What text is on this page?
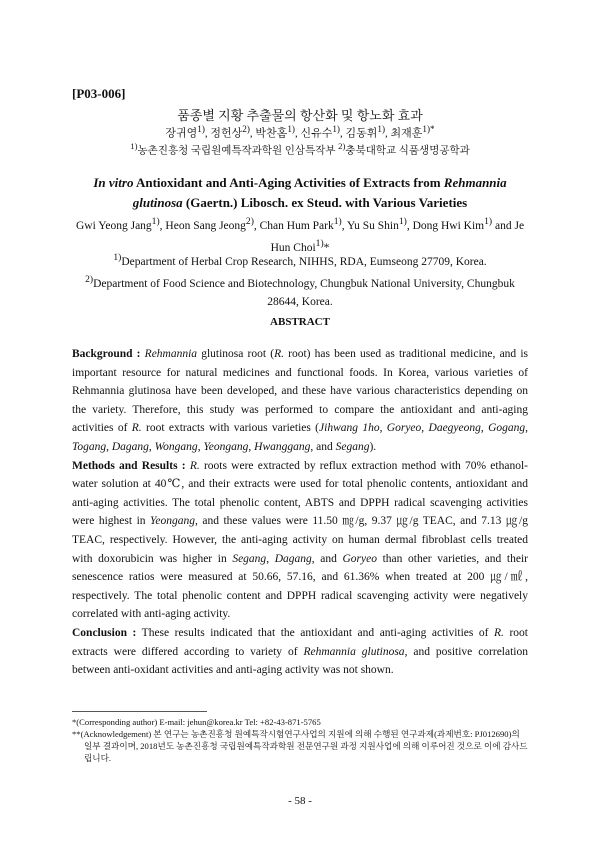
[P03-006]
품종별 지황 추출물의 항산화 및 항노화 효과
장귀영$^{1)}$, 정헌상$^{2)}$, 박찬홈$^{1)}$, 신유수$^{1)}$, 김동휘$^{1)}$, 최재훈$^{1)*}$
$^{1)}$농촌진흥청 국립원예특작과학원 인삼특작부 $^{2)}$충북대학교 식품생명공학과
In vitro Antioxidant and Anti-Aging Activities of Extracts from Rehmannia glutinosa (Gaertn.) Libosch. ex Steud. with Various Varieties
Gwi Yeong Jang$^{1)}$, Heon Sang Jeong$^{2)}$, Chan Hum Park$^{1)}$, Yu Su Shin$^{1)}$, Dong Hwi Kim$^{1)}$ and Je Hun Choi$^{1)}$*
$^{1)}$Department of Herbal Crop Research, NIHHS, RDA, Eumseong 27709, Korea.
$^{2)}$Department of Food Science and Biotechnology, Chungbuk National University, Chungbuk 28644, Korea.
ABSTRACT

Background : Rehmannia glutinosa root (R. root) has been used as traditional medicine, and is important resource for natural medicines and functional foods. In Korea, various varieties of Rehmannia glutinosa have been developed, and these have various characteristics depending on the variety. Therefore, this study was performed to compare the antioxidant and anti-aging activities of R. root extracts with various varieties (Jihwang 1ho, Goryeo, Daegyeong, Gogang, Togang, Dagang, Wongang, Yeongang, Hwanggang, and Segang).

Methods and Results : R. roots were extracted by reflux extraction method with 70% ethanol-water solution at 40℃, and their extracts were used for total phenolic contents, antioxidant and anti-aging activities. The total phenolic content, ABTS and DPPH radical scavenging activities were highest in Yeongang, and these values were 11.50 ㎎/g, 9.37 ㎍/g TEAC, and 7.13 ㎍/g TEAC, respectively. However, the anti-aging activity on human dermal fibroblast cells treated with doxorubicin was higher in Segang, Dagang, and Goryeo than other varieties, and their senescence ratios were measured at 50.66, 57.16, and 61.36% when treated at 200 ㎍/㎖, respectively. The total phenolic content and DPPH radical scavenging activity were negatively correlated with anti-aging activity.

Conclusion : These results indicated that the antioxidant and anti-aging activities of R. root extracts were differed according to variety of Rehmannia glutinosa, and positive correlation between anti-oxidant activities and anti-aging activity was not shown.

*(Corresponding author) E-mail: jehun@korea.kr Tel: +82-43-871-5765

**(Acknowledgement) 본 연구는 농촌진흥청 원예특작시험연구사업의 지원에 의해 수행된 연구과제(과제번호: PJ012690)의 일부 결과이며, 2018년도 농촌진흥청 국립원예특작과학원 전문연구원 과정 지원사업에 의해 이루어진 것으로 이에 감사드립니다.

- 58 -
